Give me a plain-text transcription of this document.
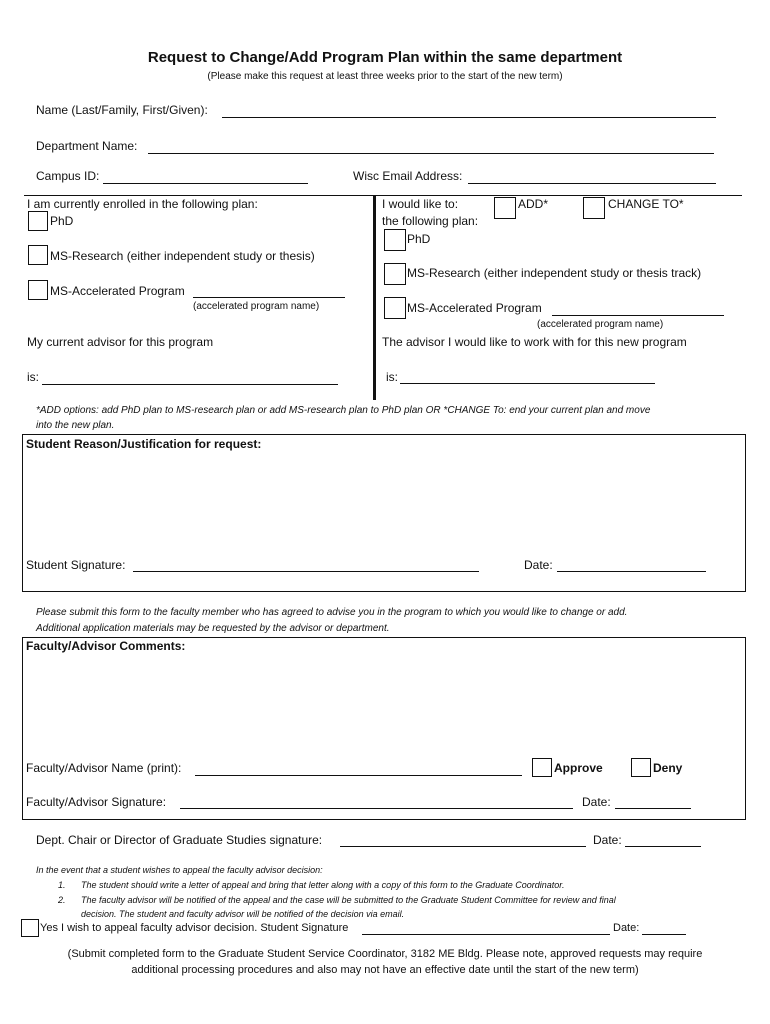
Request to Change/Add Program Plan within the same department
(Please make this request at least three weeks prior to the start of the new term)
Name (Last/Family, First/Given):
Department Name:
Campus ID:	Wisc Email Address:
I am currently enrolled in the following plan:
PhD
MS-Research (either independent study or thesis)
MS-Accelerated Program
(accelerated program name)
My current advisor for this program
is:
I would like to:	ADD*	CHANGE TO*
the following plan:
PhD
MS-Research (either independent study or thesis track)
MS-Accelerated Program
(accelerated program name)
The advisor I would like to work with for this new program
is:
*ADD options: add PhD plan to MS-research plan or add MS-research plan to PhD plan OR *CHANGE To: end your current plan and move
into the new plan.
Student Reason/Justification for request:
Student Signature:	Date:
Please submit this form to the faculty member who has agreed to advise you in the program to which you would like to change or add.
Additional application materials may be requested by the advisor or department.
Faculty/Advisor Comments:
Faculty/Advisor Name (print):	Approve	Deny
Faculty/Advisor Signature:	Date:
Dept. Chair or Director of Graduate Studies signature:	Date:
In the event that a student wishes to appeal the faculty advisor decision:
1. The student should write a letter of appeal and bring that letter along with a copy of this form to the Graduate Coordinator.
2. The faculty advisor will be notified of the appeal and the case will be submitted to the Graduate Student Committee for review and final
decision. The student and faculty advisor will be notified of the decision via email.
Yes I wish to appeal faculty advisor decision. Student Signature	Date:
(Submit completed form to the Graduate Student Service Coordinator, 3182 ME Bldg. Please note, approved requests may require
additional processing procedures and also may not have an effective date until the start of the new term)
